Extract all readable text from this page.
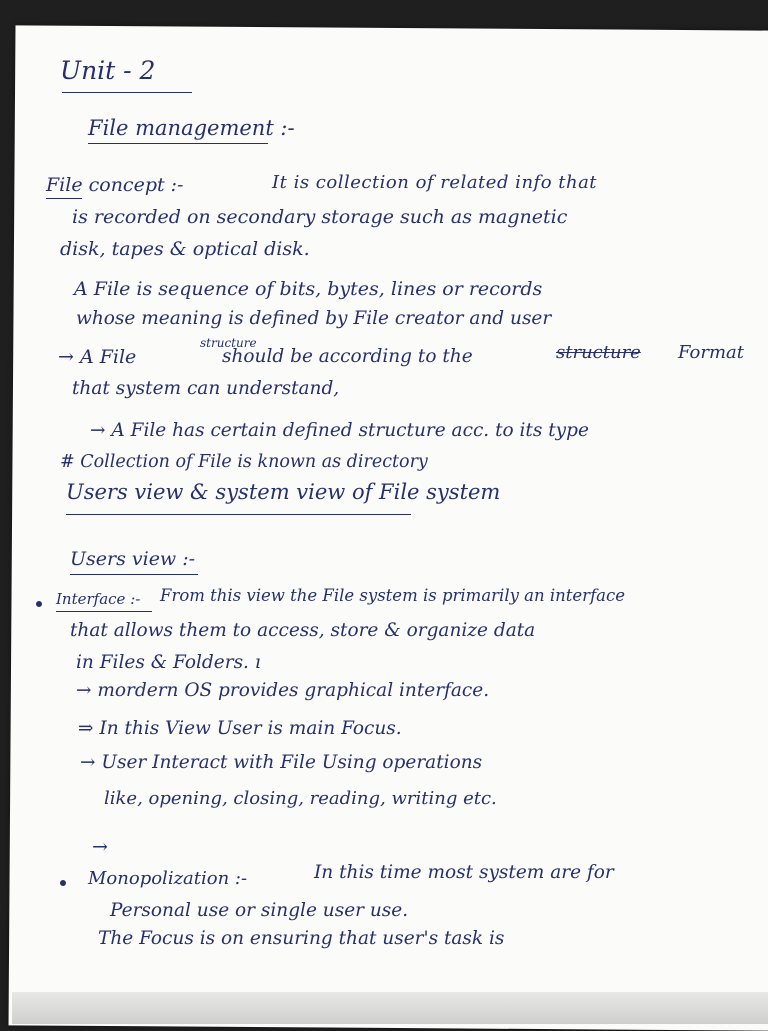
Unit - 2
File management :-
File concept :-	It is collection of related info that
is recorded on secondary storage such as magnetic
disk, tapes & optical disk.
A File is sequence of bits, bytes, lines or records
whose meaning is defined by File creator and user
structure
→ A File	should be according to the	structure Format
that system can understand,
→ A File has certain defined structure acc. to its type
# Collection of File is known as directory
Users view & system view of File system
Users view :-
Interface :- From this view the File system is primarily an interface
that allows them to access, store & organize data
in Files & Folders. ı
→ mordern OS provides graphical interface.
⇒ In this View User is main Focus.
→ User Interact with File Using operations
like, opening, closing, reading, writing etc.
→
Monopolization :-	In this time most system are for
Personal use or single user use.
The Focus is on ensuring that user's task is
